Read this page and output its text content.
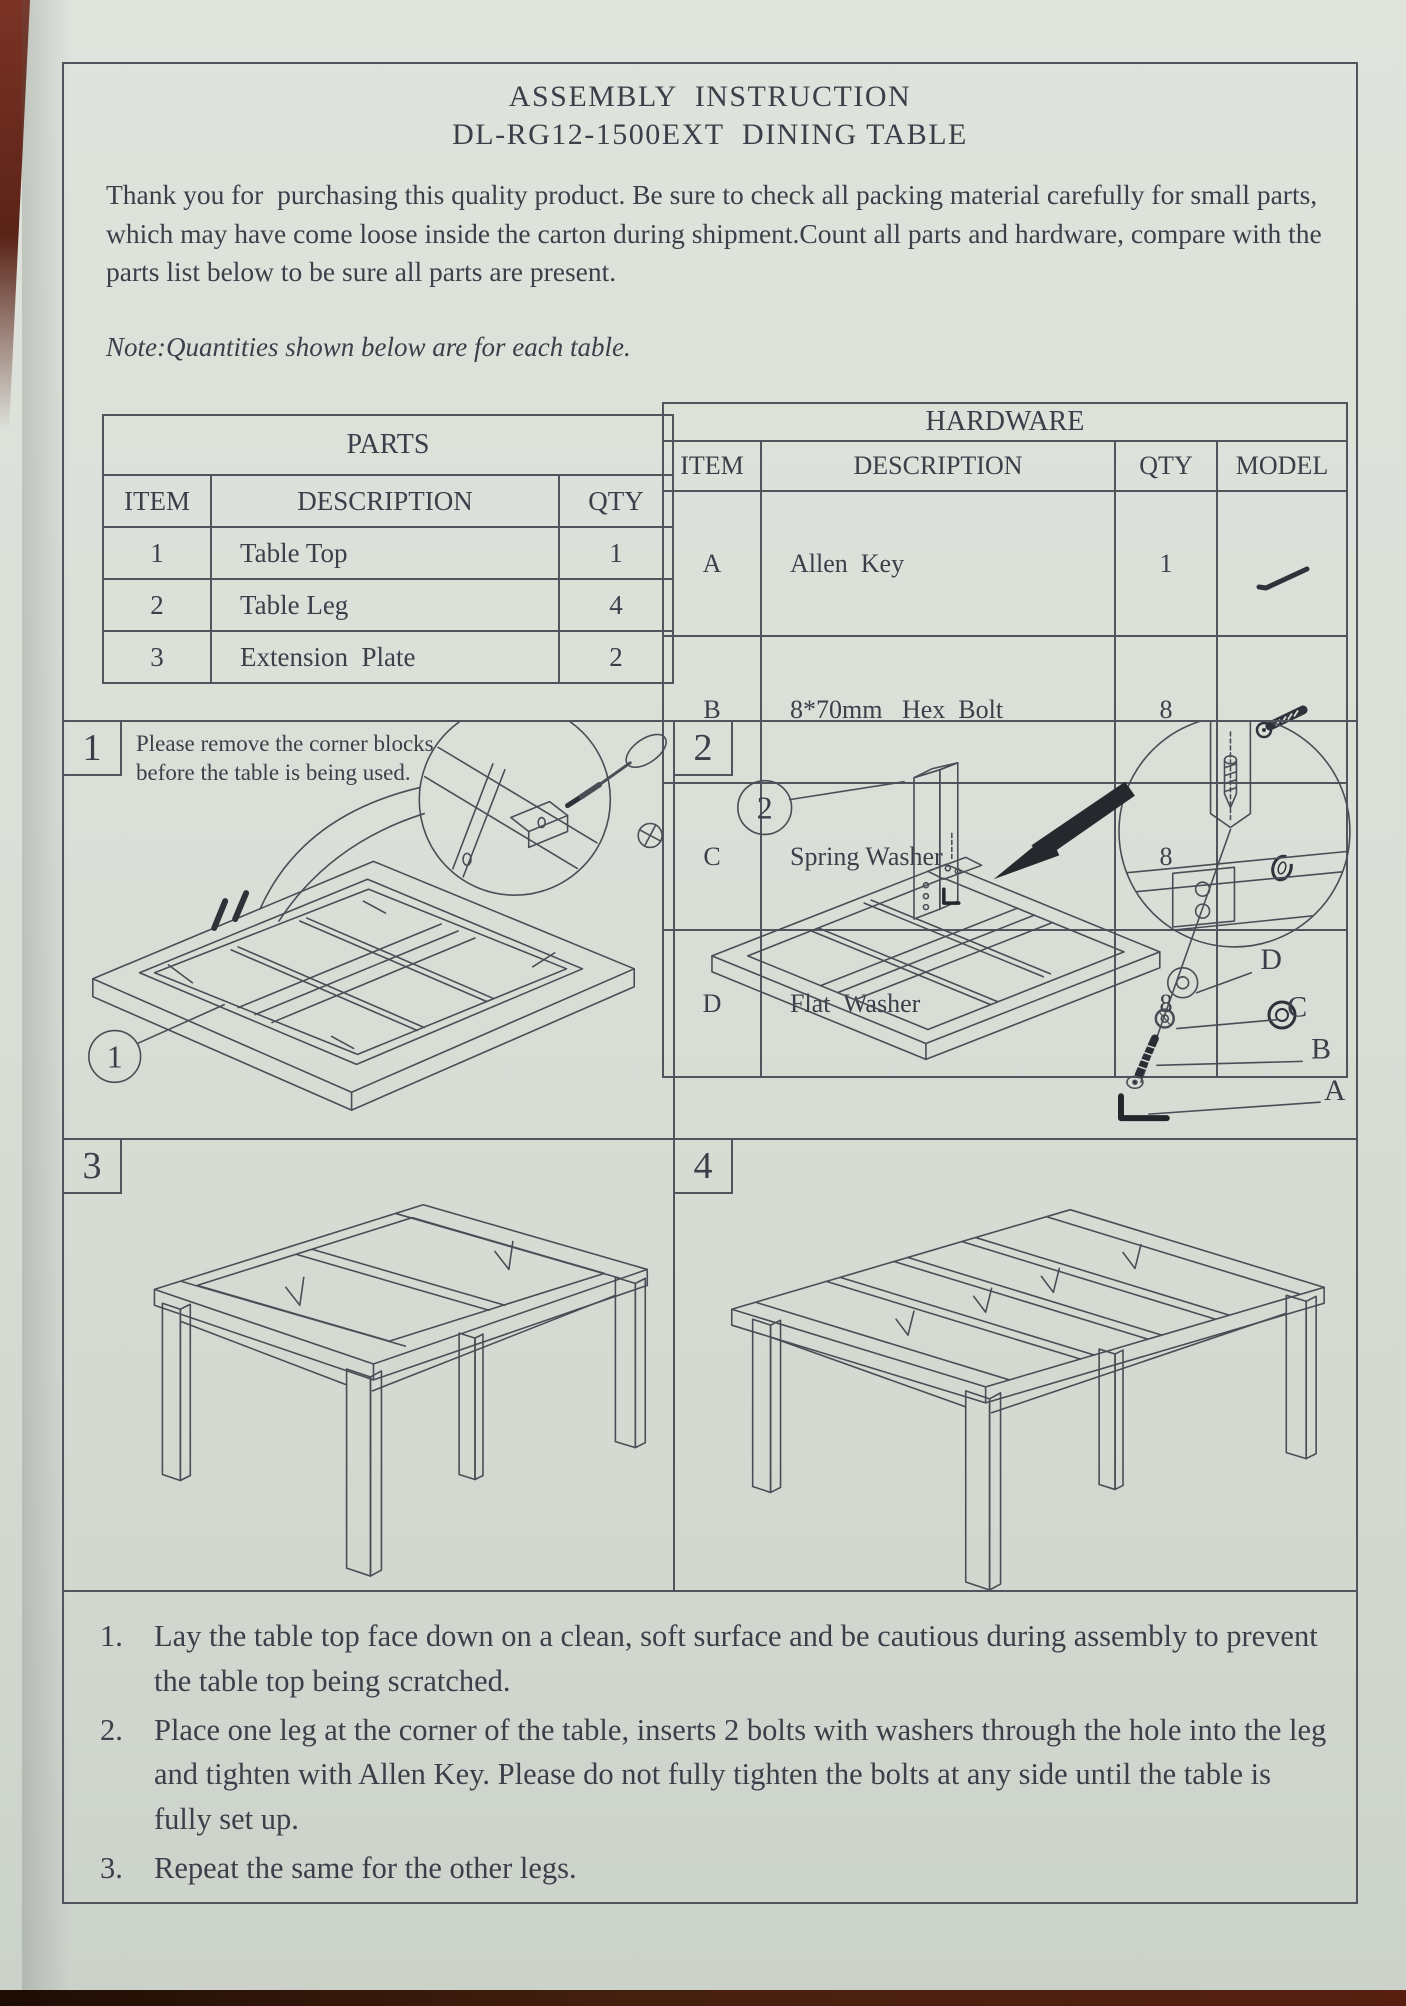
ASSEMBLY  INSTRUCTION
DL-RG12-1500EXT  DINING TABLE

Thank you for  purchasing this quality product. Be sure to check all packing material carefully for small parts, which may have come loose inside the carton during shipment.Count all parts and hardware, compare with the parts list below to be sure all parts are present.

Note:Quantities shown below are for each table.

PARTS		
ITEM	DESCRIPTION	QTY
1	Table Top	1
2	Table Leg	4
3	Extension  Plate	2
HARDWARE			
ITEM	DESCRIPTION	QTY	MODEL
A	Allen  Key	1	

B	8*70mm   Hex  Bolt	8	

C	Spring Washer	8	

D	Flat  Washer	8	

1
1	Please remove the corner blocks before the table is being used.
2
D
C
B
A
2
3	4
1.	Lay the table top face down on a clean, soft surface and be cautious during assembly to prevent the table top being scratched.
2.	Place one leg at the corner of the table, inserts 2 bolts with washers through the hole into the leg and tighten with Allen Key. Please do not fully tighten the bolts at any side until the table is fully set up.
3.	Repeat the same for the other legs.
